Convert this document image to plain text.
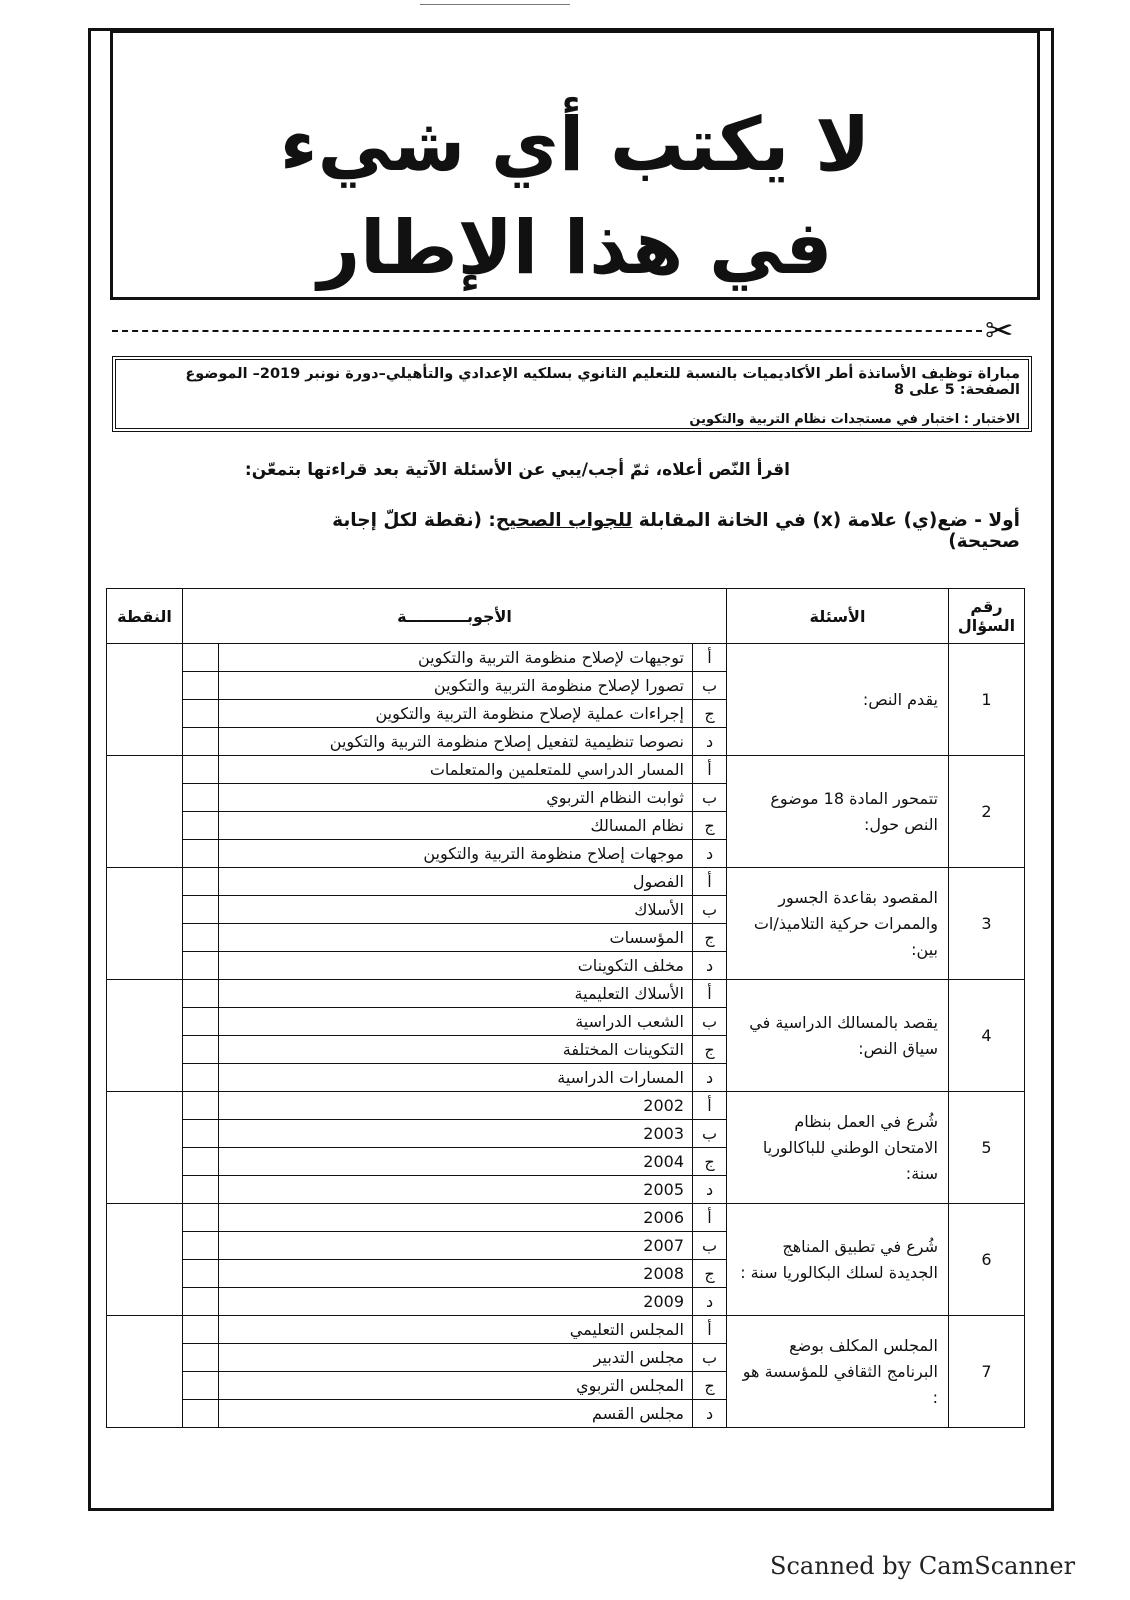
لا يكتب أي شيء
في هذا الإطار
✂
مباراة توظيف الأساتذة أطر الأكاديميات بالنسبة للتعليم الثانوي بسلكيه الإعدادي والتأهيلي–دورة نونبر 2019– الموضوع الصفحة: 5 على 8
الاختبار : اختبار في مستجدات نظام التربية والتكوين
اقرأ النّص أعلاه، ثمّ أجب/يبي عن الأسئلة الآتية بعد قراءتها بتمعّن:
أولا - ضع(ي) علامة (x) في الخانة المقابلة للجواب الصحيح: (نقطة لكلّ إجابة صحيحة)
رقم السؤال	الأسئلة	الأجوبـــــــــــة			النقطة
1	يقدم النص:	أ	توجيهات لإصلاح منظومة التربية والتكوين		
		ب	تصورا لإصلاح منظومة التربية والتكوين		
		ج	إجراءات عملية لإصلاح منظومة التربية والتكوين		
		د	نصوصا تنظيمية لتفعيل إصلاح منظومة التربية والتكوين		
2	تتمحور المادة 18 موضوع النص حول:	أ	المسار الدراسي للمتعلمين والمتعلمات		
		ب	ثوابت النظام التربوي		
		ج	نظام المسالك		
		د	موجهات إصلاح منظومة التربية والتكوين		
3	المقصود بقاعدة الجسور والممرات حركية التلاميذ/ات بين:	أ	الفصول		
		ب	الأسلاك		
		ج	المؤسسات		
		د	مخلف التكوينات		
4	يقصد بالمسالك الدراسية في سياق النص:	أ	الأسلاك التعليمية		
		ب	الشعب الدراسية		
		ج	التكوينات المختلفة		
		د	المسارات الدراسية		
5	شُرع في العمل بنظام الامتحان الوطني للباكالوريا سنة:	أ	2002		
		ب	2003		
		ج	2004		
		د	2005		
6	شُرع في تطبيق المناهج الجديدة لسلك البكالوريا سنة :	أ	2006		
		ب	2007		
		ج	2008		
		د	2009		
7	المجلس المكلف بوضع البرنامج الثقافي للمؤسسة هو :	أ	المجلس التعليمي		
		ب	مجلس التدبير		
		ج	المجلس التربوي		
		د	مجلس القسم		
Scanned by CamScanner
